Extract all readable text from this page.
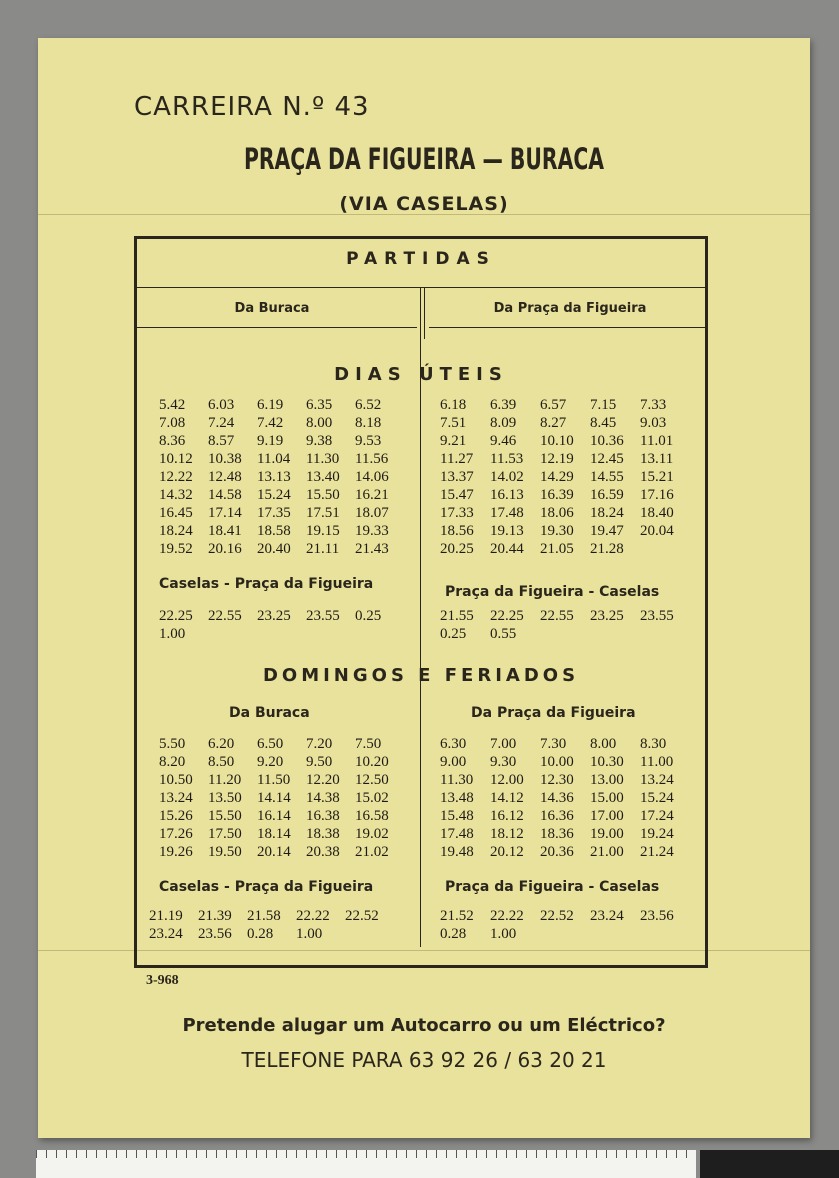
CARREIRA N.º 43
PRAÇA DA FIGUEIRA — BURACA
(VIA CASELAS)
PARTIDAS
Da Buraca	Da Praça da Figueira
DIAS ÚTEIS
5.42	6.03	6.19	6.35	6.52
7.08	7.24	7.42	8.00	8.18
8.36	8.57	9.19	9.38	9.53
10.12	10.38	11.04	11.30	11.56
12.22	12.48	13.13	13.40	14.06
14.32	14.58	15.24	15.50	16.21
16.45	17.14	17.35	17.51	18.07
18.24	18.41	18.58	19.15	19.33
19.52	20.16	20.40	21.11	21.43
6.18	6.39	6.57	7.15	7.33
7.51	8.09	8.27	8.45	9.03
9.21	9.46	10.10	10.36	11.01
11.27	11.53	12.19	12.45	13.11
13.37	14.02	14.29	14.55	15.21
15.47	16.13	16.39	16.59	17.16
17.33	17.48	18.06	18.24	18.40
18.56	19.13	19.30	19.47	20.04
20.25	20.44	21.05	21.28
Caselas - Praça da Figueira	Praça da Figueira - Caselas
22.25	22.55	23.25	23.55	0.25
1.00
21.55	22.25	22.55	23.25	23.55
0.25	0.55
DOMINGOS E FERIADOS
Da Buraca	Da Praça da Figueira
5.50	6.20	6.50	7.20	7.50
8.20	8.50	9.20	9.50	10.20
10.50	11.20	11.50	12.20	12.50
13.24	13.50	14.14	14.38	15.02
15.26	15.50	16.14	16.38	16.58
17.26	17.50	18.14	18.38	19.02
19.26	19.50	20.14	20.38	21.02
6.30	7.00	7.30	8.00	8.30
9.00	9.30	10.00	10.30	11.00
11.30	12.00	12.30	13.00	13.24
13.48	14.12	14.36	15.00	15.24
15.48	16.12	16.36	17.00	17.24
17.48	18.12	18.36	19.00	19.24
19.48	20.12	20.36	21.00	21.24
Caselas - Praça da Figueira	Praça da Figueira - Caselas
21.19	21.39	21.58	22.22	22.52
23.24	23.56	0.28	1.00
21.52	22.22	22.52	23.24	23.56
0.28	1.00
3-968
Pretende alugar um Autocarro ou um Eléctrico?
TELEFONE PARA 63 92 26 / 63 20 21
